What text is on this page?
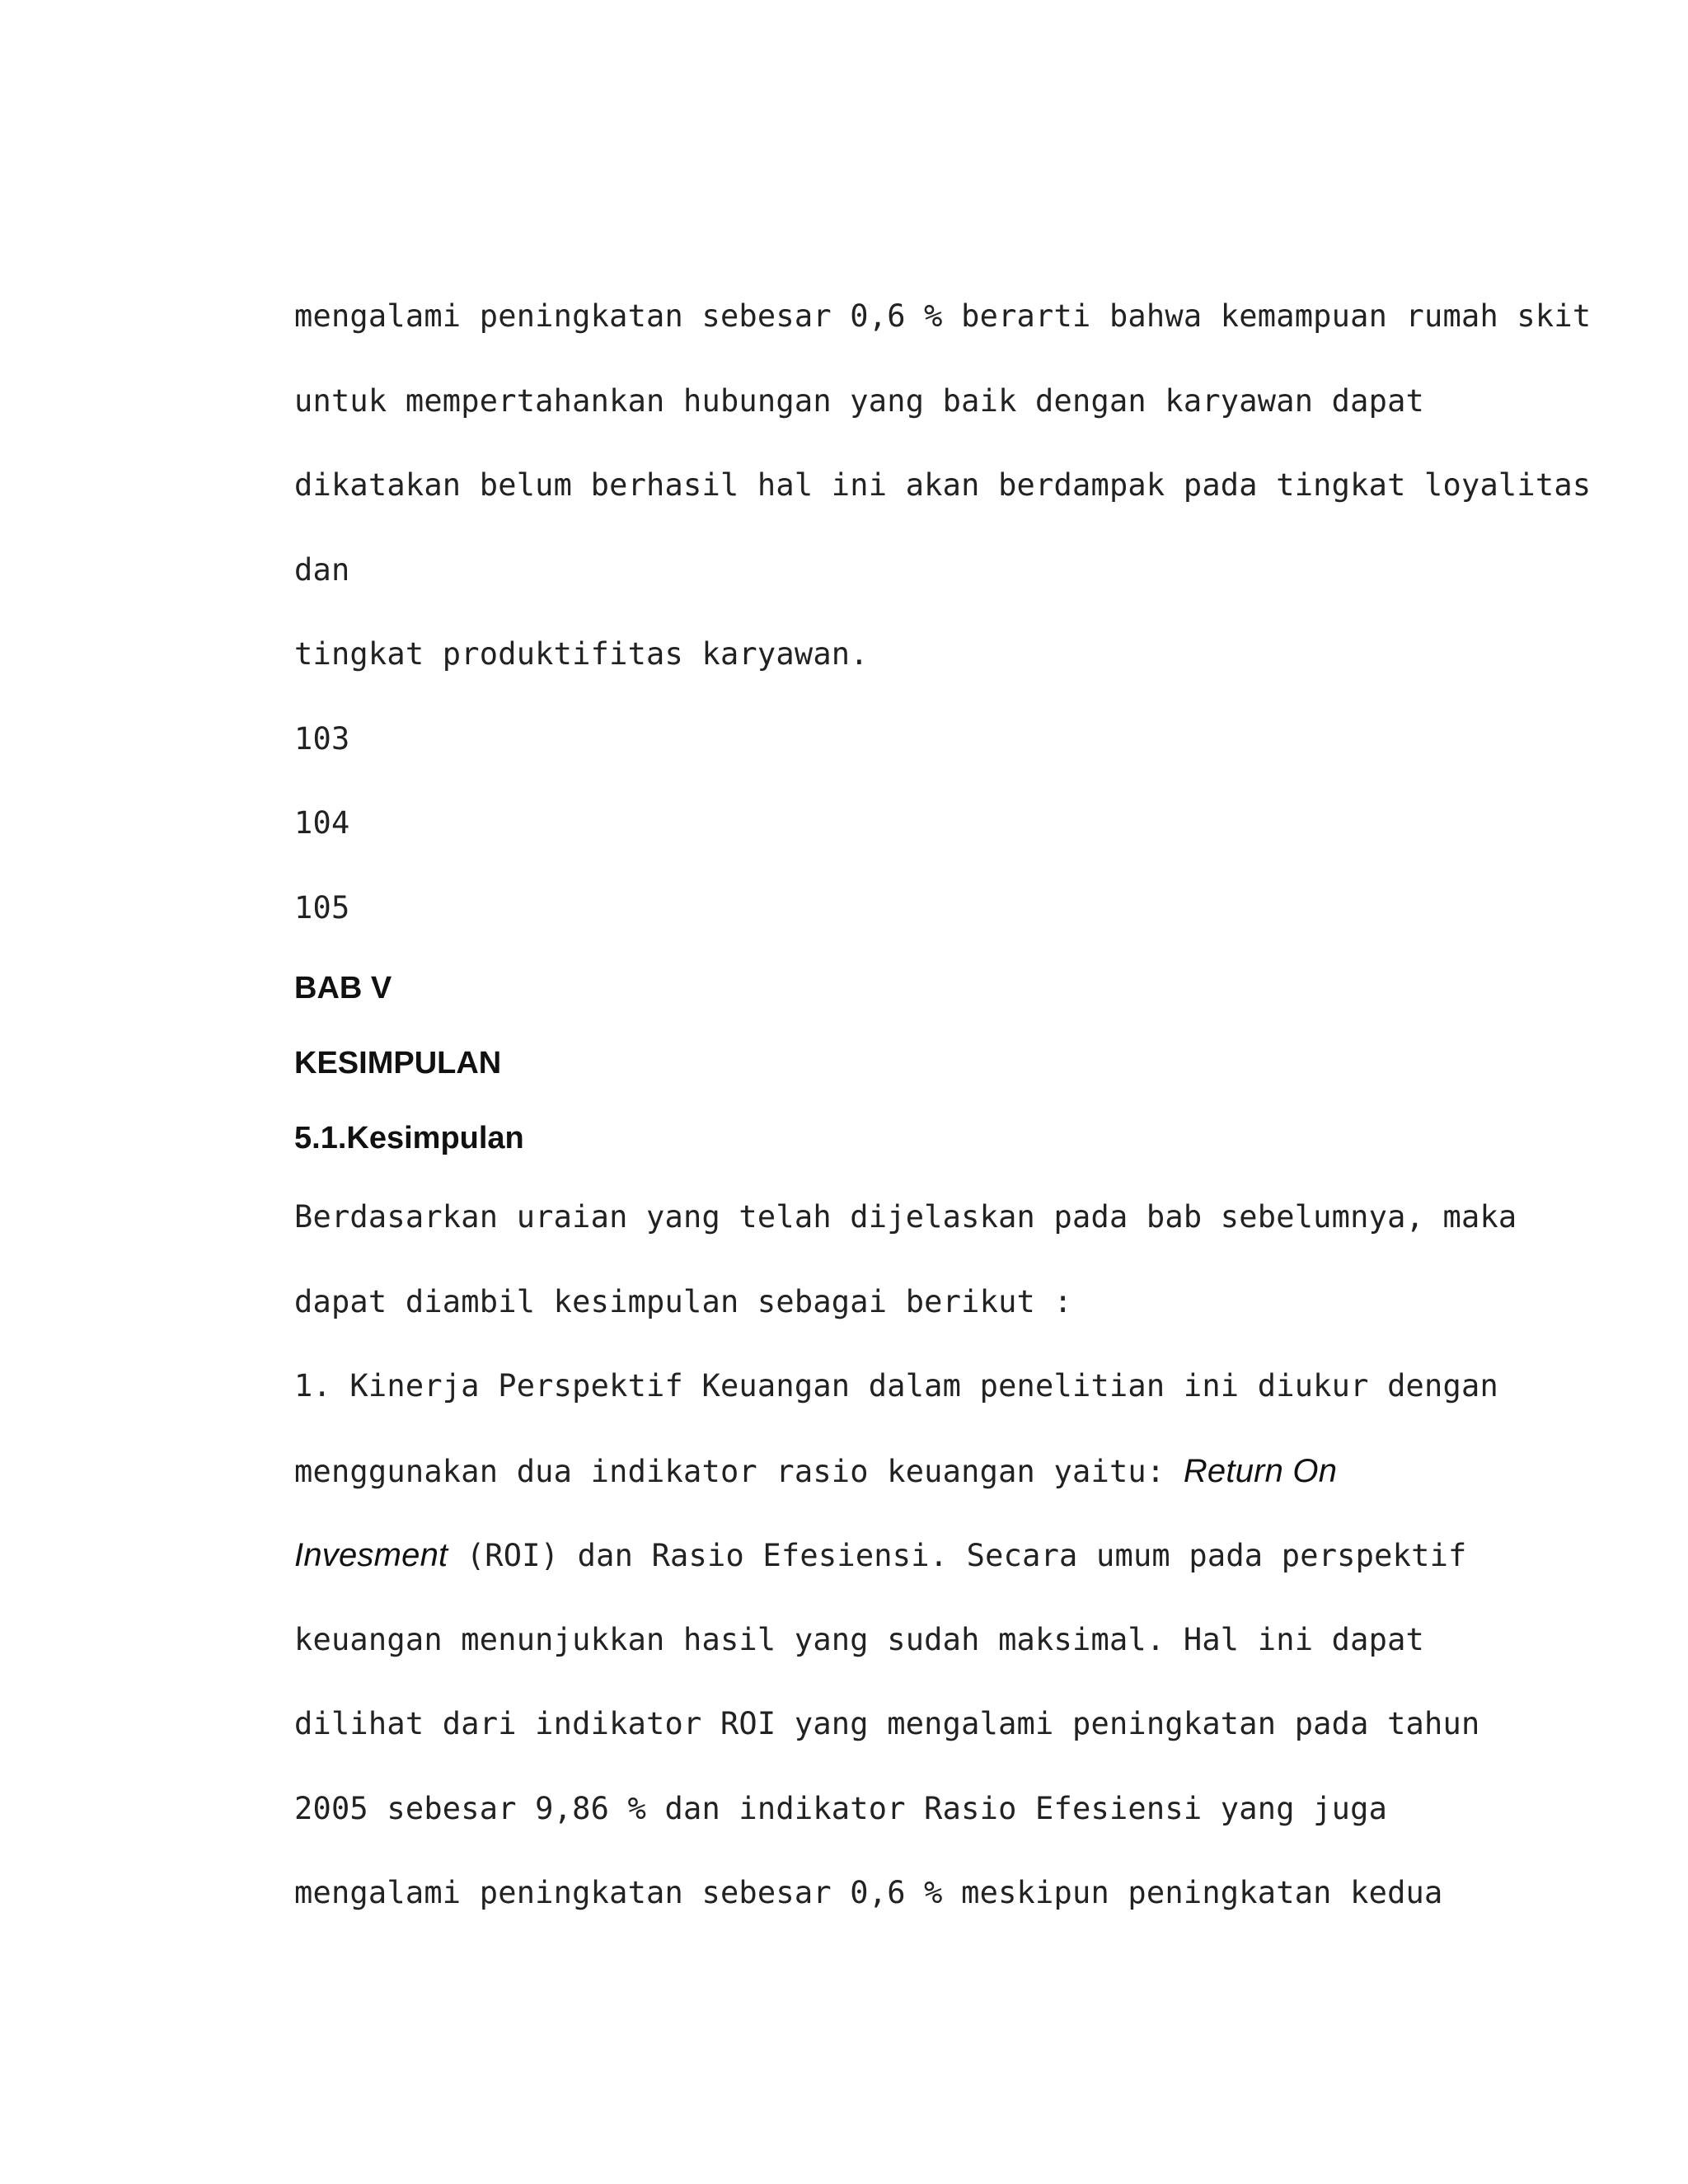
mengalami peningkatan sebesar 0,6 % berarti bahwa kemampuan rumah skit
untuk mempertahankan hubungan yang baik dengan karyawan dapat
dikatakan belum berhasil hal ini akan berdampak pada tingkat loyalitas
dan
tingkat produktifitas karyawan.
103
104
105
BAB V
KESIMPULAN
5.1.Kesimpulan
Berdasarkan uraian yang telah dijelaskan pada bab sebelumnya, maka
dapat diambil kesimpulan sebagai berikut :
1. Kinerja Perspektif Keuangan dalam penelitian ini diukur dengan
menggunakan dua indikator rasio keuangan yaitu: Return On
Invesment (ROI) dan Rasio Efesiensi. Secara umum pada perspektif
keuangan menunjukkan hasil yang sudah maksimal. Hal ini dapat
dilihat dari indikator ROI yang mengalami peningkatan pada tahun
2005 sebesar 9,86 % dan indikator Rasio Efesiensi yang juga
mengalami peningkatan sebesar 0,6 % meskipun peningkatan kedua
